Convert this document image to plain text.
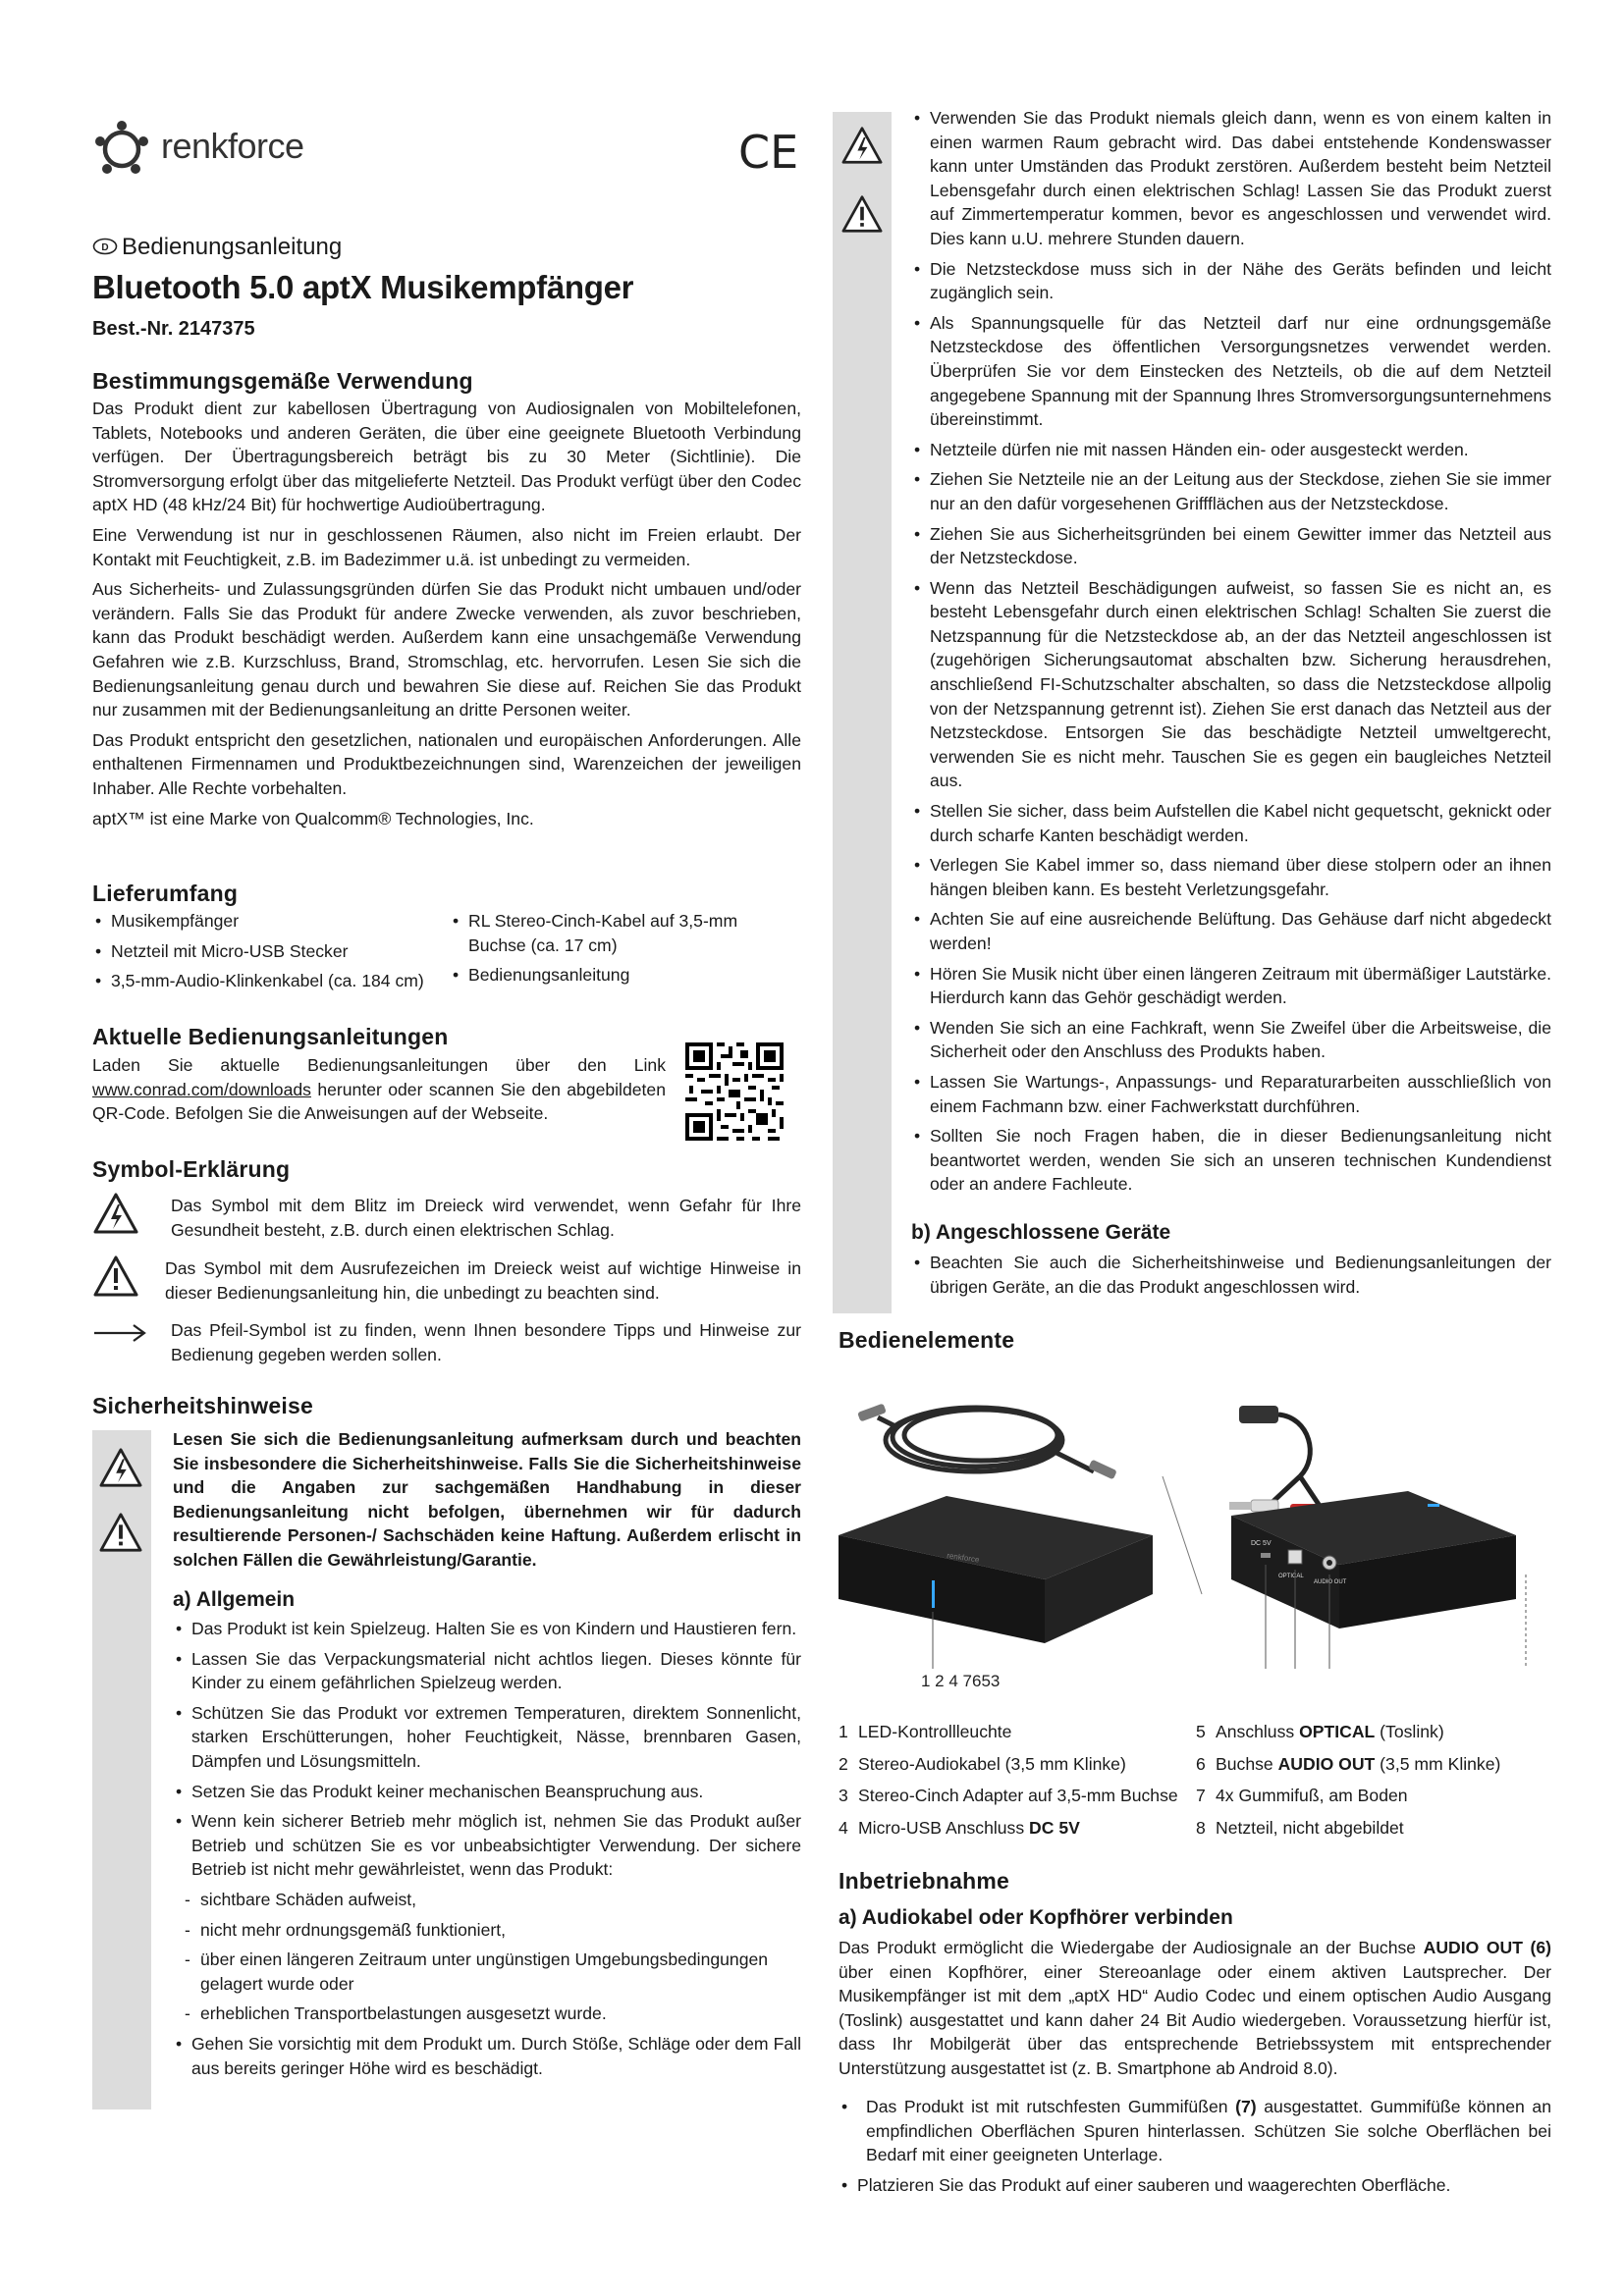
renkforce	CE
D Bedienungsanleitung
Bluetooth 5.0 aptX Musikempfänger
Best.-Nr. 2147375
Bestimmungsgemäße Verwendung

Das Produkt dient zur kabellosen Übertragung von Audiosignalen von Mobiltelefonen, Tablets, Notebooks und anderen Geräten, die über eine geeignete Bluetooth Verbindung verfügen. Der Übertragungsbereich beträgt bis zu 30 Meter (Sichtlinie). Die Stromversorgung erfolgt über das mitgelieferte Netzteil. Das Produkt verfügt über den Codec aptX HD (48 kHz/24 Bit) für hochwertige Audioübertragung.

Eine Verwendung ist nur in geschlossenen Räumen, also nicht im Freien erlaubt. Der Kontakt mit Feuchtigkeit, z.B. im Badezimmer u.ä. ist unbedingt zu vermeiden.

Aus Sicherheits- und Zulassungsgründen dürfen Sie das Produkt nicht umbauen und/oder verändern. Falls Sie das Produkt für andere Zwecke verwenden, als zuvor beschrieben, kann das Produkt beschädigt werden. Außerdem kann eine unsachgemäße Verwendung Gefahren wie z.B. Kurzschluss, Brand, Stromschlag, etc. hervorrufen. Lesen Sie sich die Bedienungsanleitung genau durch und bewahren Sie diese auf. Reichen Sie das Produkt nur zusammen mit der Bedienungsanleitung an dritte Personen weiter.

Das Produkt entspricht den gesetzlichen, nationalen und europäischen Anforderungen. Alle enthaltenen Firmennamen und Produktbezeichnungen sind, Warenzeichen der jeweiligen Inhaber. Alle Rechte vorbehalten.

aptX™ ist eine Marke von Qualcomm® Technologies, Inc.

Lieferumfang
• Musikempfänger
• Netzteil mit Micro-USB Stecker
• 3,5-mm-Audio-Klinkenkabel (ca. 184 cm)
• RL Stereo-Cinch-Kabel auf 3,5-mm Buchse (ca. 17 cm)
• Bedienungsanleitung
Aktuelle Bedienungsanleitungen

Laden Sie aktuelle Bedienungsanleitungen über den Link www.conrad.com/downloads herunter oder scannen Sie den abgebildeten QR-Code. Befolgen Sie die Anweisungen auf der Webseite.

Symbol-Erklärung

Das Symbol mit dem Blitz im Dreieck wird verwendet, wenn Gefahr für Ihre Gesundheit besteht, z.B. durch einen elektrischen Schlag.

Das Symbol mit dem Ausrufezeichen im Dreieck weist auf wichtige Hinweise in dieser Bedienungsanleitung hin, die unbedingt zu beachten sind.

Das Pfeil-Symbol ist zu finden, wenn Ihnen besondere Tipps und Hinweise zur Bedienung gegeben werden sollen.

Sicherheitshinweise

Lesen Sie sich die Bedienungsanleitung aufmerksam durch und beachten Sie insbesondere die Sicherheitshinweise. Falls Sie die Sicherheitshinweise und die Angaben zur sachgemäßen Handhabung in dieser Bedienungsanleitung nicht befolgen, übernehmen wir für dadurch resultierende Personen-/ Sachschäden keine Haftung. Außerdem erlischt in solchen Fällen die Gewährleistung/Garantie.

a) Allgemein
• Das Produkt ist kein Spielzeug. Halten Sie es von Kindern und Haustieren fern.
• Lassen Sie das Verpackungsmaterial nicht achtlos liegen. Dieses könnte für Kinder zu einem gefährlichen Spielzeug werden.
• Schützen Sie das Produkt vor extremen Temperaturen, direktem Sonnenlicht, starken Erschütterungen, hoher Feuchtigkeit, Nässe, brennbaren Gasen, Dämpfen und Lösungsmitteln.
• Setzen Sie das Produkt keiner mechanischen Beanspruchung aus.
• Wenn kein sicherer Betrieb mehr möglich ist, nehmen Sie das Produkt außer Betrieb und schützen Sie es vor unbeabsichtigter Verwendung. Der sichere Betrieb ist nicht mehr gewährleistet, wenn das Produkt:
- sichtbare Schäden aufweist,
- nicht mehr ordnungsgemäß funktioniert,
- über einen längeren Zeitraum unter ungünstigen Umgebungsbedingungen gelagert wurde oder
- erheblichen Transportbelastungen ausgesetzt wurde.
• Gehen Sie vorsichtig mit dem Produkt um. Durch Stöße, Schläge oder dem Fall aus bereits geringer Höhe wird es beschädigt.
• Verwenden Sie das Produkt niemals gleich dann, wenn es von einem kalten in einen warmen Raum gebracht wird. Das dabei entstehende Kondenswasser kann unter Umständen das Produkt zerstören. Außerdem besteht beim Netzteil Lebensgefahr durch einen elektrischen Schlag! Lassen Sie das Produkt zuerst auf Zimmertemperatur kommen, bevor es angeschlossen und verwendet wird. Dies kann u.U. mehrere Stunden dauern.
• Die Netzsteckdose muss sich in der Nähe des Geräts befinden und leicht zugänglich sein.
• Als Spannungsquelle für das Netzteil darf nur eine ordnungsgemäße Netzsteckdose des öffentlichen Versorgungsnetzes verwendet werden. Überprüfen Sie vor dem Einstecken des Netzteils, ob die auf dem Netzteil angegebene Spannung mit der Spannung Ihres Stromversorgungsunternehmens übereinstimmt.
• Netzteile dürfen nie mit nassen Händen ein- oder ausgesteckt werden.
• Ziehen Sie Netzteile nie an der Leitung aus der Steckdose, ziehen Sie sie immer nur an den dafür vorgesehenen Griffflächen aus der Netzsteckdose.
• Ziehen Sie aus Sicherheitsgründen bei einem Gewitter immer das Netzteil aus der Netzsteckdose.
• Wenn das Netzteil Beschädigungen aufweist, so fassen Sie es nicht an, es besteht Lebensgefahr durch einen elektrischen Schlag! Schalten Sie zuerst die Netzspannung für die Netzsteckdose ab, an der das Netzteil angeschlossen ist (zugehörigen Sicherungsautomat abschalten bzw. Sicherung herausdrehen, anschließend FI-Schutzschalter abschalten, so dass die Netzsteckdose allpolig von der Netzspannung getrennt ist). Ziehen Sie erst danach das Netzteil aus der Netzsteckdose. Entsorgen Sie das beschädigte Netzteil umweltgerecht, verwenden Sie es nicht mehr. Tauschen Sie es gegen ein baugleiches Netzteil aus.
• Stellen Sie sicher, dass beim Aufstellen die Kabel nicht gequetscht, geknickt oder durch scharfe Kanten beschädigt werden.
• Verlegen Sie Kabel immer so, dass niemand über diese stolpern oder an ihnen hängen bleiben kann. Es besteht Verletzungsgefahr.
• Achten Sie auf eine ausreichende Belüftung. Das Gehäuse darf nicht abgedeckt werden!
• Hören Sie Musik nicht über einen längeren Zeitraum mit übermäßiger Lautstärke. Hierdurch kann das Gehör geschädigt werden.
• Wenden Sie sich an eine Fachkraft, wenn Sie Zweifel über die Arbeitsweise, die Sicherheit oder den Anschluss des Produkts haben.
• Lassen Sie Wartungs-, Anpassungs- und Reparaturarbeiten ausschließlich von einem Fachmann bzw. einer Fachwerkstatt durchführen.
• Sollten Sie noch Fragen haben, die in dieser Bedienungsanleitung nicht beantwortet werden, wenden Sie sich an unseren technischen Kundendienst oder an andere Fachleute.
b) Angeschlossene Geräte
• Beachten Sie auch die Sicherheitshinweise und Bedienungsanleitungen der übrigen Geräte, an die das Produkt angeschlossen wird.
Bedienelemente
renkforce
DC 5V
OPTICAL
AUDIO OUT
1 2 4 7653
1 LED-Kontrollleuchte
2 Stereo-Audiokabel (3,5 mm Klinke)
3 Stereo-Cinch Adapter auf 3,5-mm Buchse
4 Micro-USB Anschluss DC 5V
5 Anschluss OPTICAL (Toslink)
6 Buchse AUDIO OUT (3,5 mm Klinke)
7 4x Gummifuß, am Boden
8 Netzteil, nicht abgebildet
Inbetriebnahme
a) Audiokabel oder Kopfhörer verbinden

Das Produkt ermöglicht die Wiedergabe der Audiosignale an der Buchse AUDIO OUT (6) über einen Kopfhörer, einer Stereoanlage oder einem aktiven Lautsprecher. Der Musikempfänger ist mit dem „aptX HD“ Audio Codec und einem optischen Audio Ausgang (Toslink) ausgestattet und kann daher 24 Bit Audio wiedergeben. Voraussetzung hierfür ist, dass Ihr Mobilgerät über das entsprechende Betriebssystem mit entsprechender Unterstützung ausgestattet ist (z. B. Smartphone ab Android 8.0).

• Das Produkt ist mit rutschfesten Gummifüßen (7) ausgestattet. Gummifüße können an empfindlichen Oberflächen Spuren hinterlassen. Schützen Sie solche Oberflächen bei Bedarf mit einer geeigneten Unterlage.
• Platzieren Sie das Produkt auf einer sauberen und waagerechten Oberfläche.
